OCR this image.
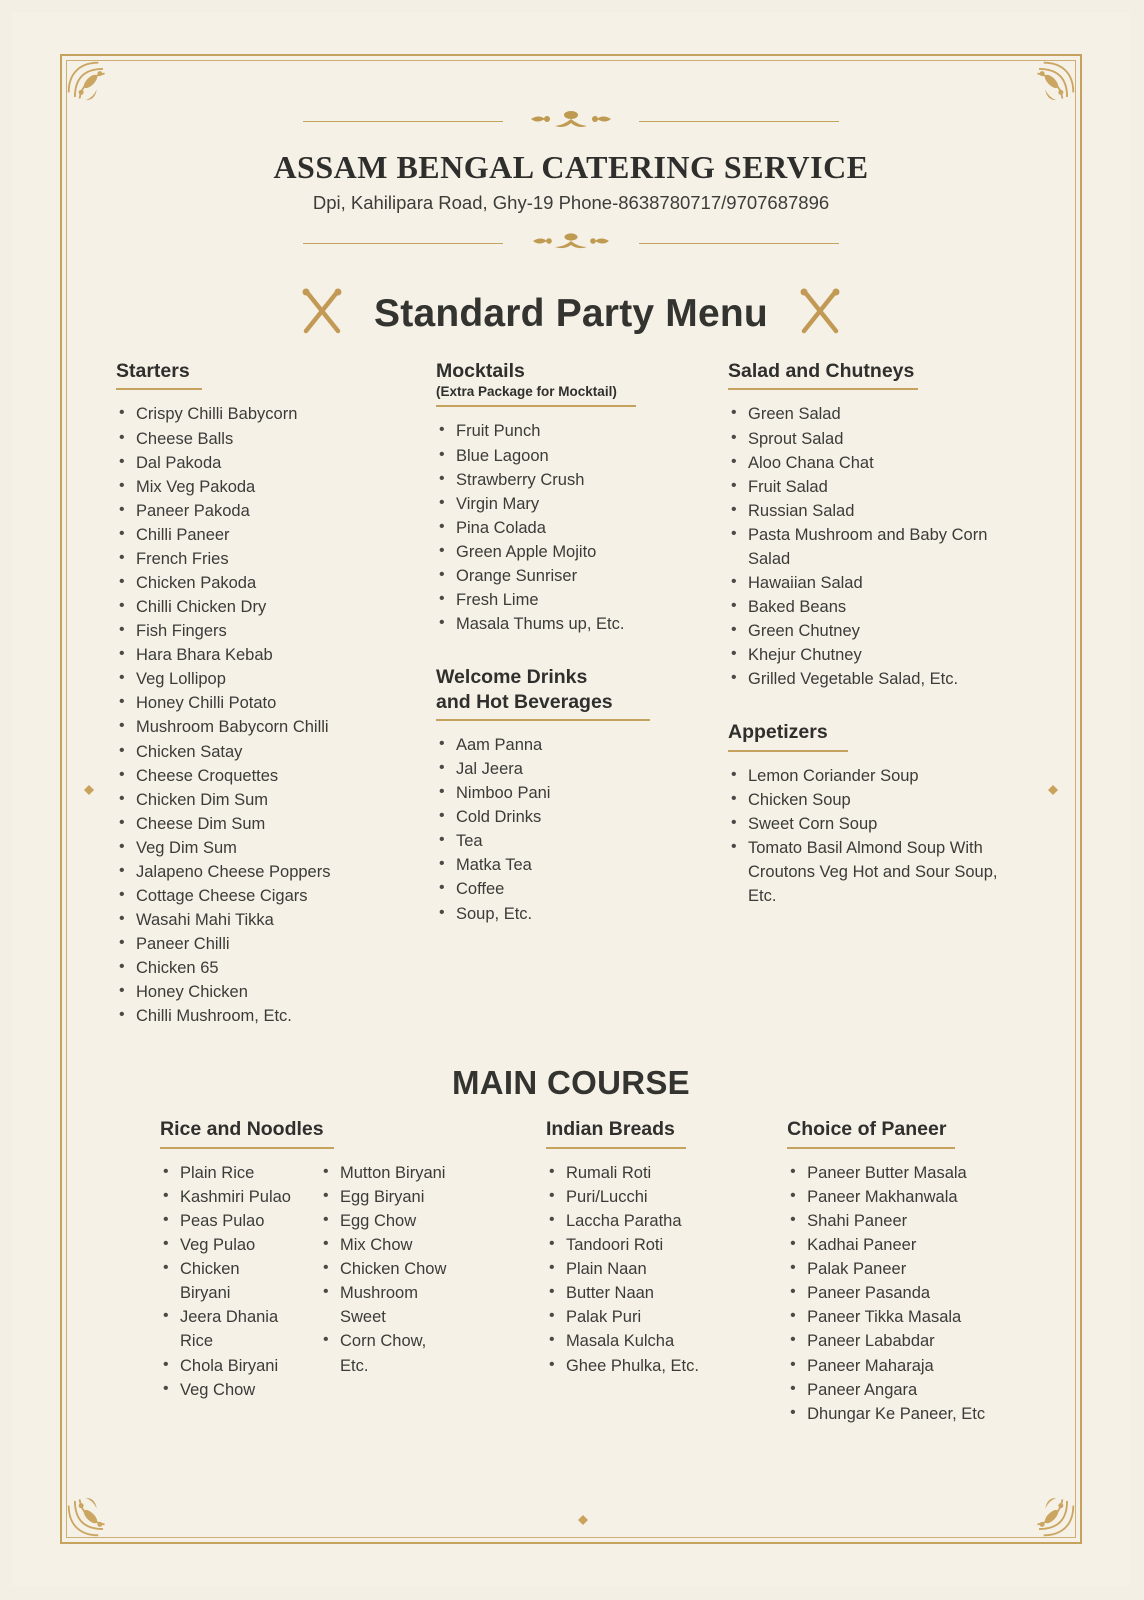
ASSAM BENGAL CATERING SERVICE
Dpi, Kahilipara Road, Ghy-19 Phone-8638780717/9707687896
Standard Party Menu
Starters
• Crispy Chilli Babycorn
• Cheese Balls
• Dal Pakoda
• Mix Veg Pakoda
• Paneer Pakoda
• Chilli Paneer
• French Fries
• Chicken Pakoda
• Chilli Chicken Dry
• Fish Fingers
• Hara Bhara Kebab
• Veg Lollipop
• Honey Chilli Potato
• Mushroom Babycorn Chilli
• Chicken Satay
• Cheese Croquettes
• Chicken Dim Sum
• Cheese Dim Sum
• Veg Dim Sum
• Jalapeno Cheese Poppers
• Cottage Cheese Cigars
• Wasahi Mahi Tikka
• Paneer Chilli
• Chicken 65
• Honey Chicken
• Chilli Mushroom, Etc.
Mocktails
(Extra Package for Mocktail)
• Fruit Punch
• Blue Lagoon
• Strawberry Crush
• Virgin Mary
• Pina Colada
• Green Apple Mojito
• Orange Sunriser
• Fresh Lime
• Masala Thums up, Etc.
Welcome Drinks
and Hot Beverages
• Aam Panna
• Jal Jeera
• Nimboo Pani
• Cold Drinks
• Tea
• Matka Tea
• Coffee
• Soup, Etc.
Salad and Chutneys
• Green Salad
• Sprout Salad
• Aloo Chana Chat
• Fruit Salad
• Russian Salad
• Pasta Mushroom and Baby Corn Salad
• Hawaiian Salad
• Baked Beans
• Green Chutney
• Khejur Chutney
• Grilled Vegetable Salad, Etc.
Appetizers
• Lemon Coriander Soup
• Chicken Soup
• Sweet Corn Soup
• Tomato Basil Almond Soup With Croutons Veg Hot and Sour Soup, Etc.
MAIN COURSE
Rice and Noodles
• Plain Rice
• Kashmiri Pulao
• Peas Pulao
• Veg Pulao
• Chicken Biryani
• Jeera Dhania Rice
• Chola Biryani
• Veg Chow
• Mutton Biryani
• Egg Biryani
• Egg Chow
• Mix Chow
• Chicken Chow
• Mushroom Sweet
• Corn Chow, Etc.
Indian Breads
• Rumali Roti
• Puri/Lucchi
• Laccha Paratha
• Tandoori Roti
• Plain Naan
• Butter Naan
• Palak Puri
• Masala Kulcha
• Ghee Phulka, Etc.
Choice of Paneer
• Paneer Butter Masala
• Paneer Makhanwala
• Shahi Paneer
• Kadhai Paneer
• Palak Paneer
• Paneer Pasanda
• Paneer Tikka Masala
• Paneer Lababdar
• Paneer Maharaja
• Paneer Angara
• Dhungar Ke Paneer, Etc
